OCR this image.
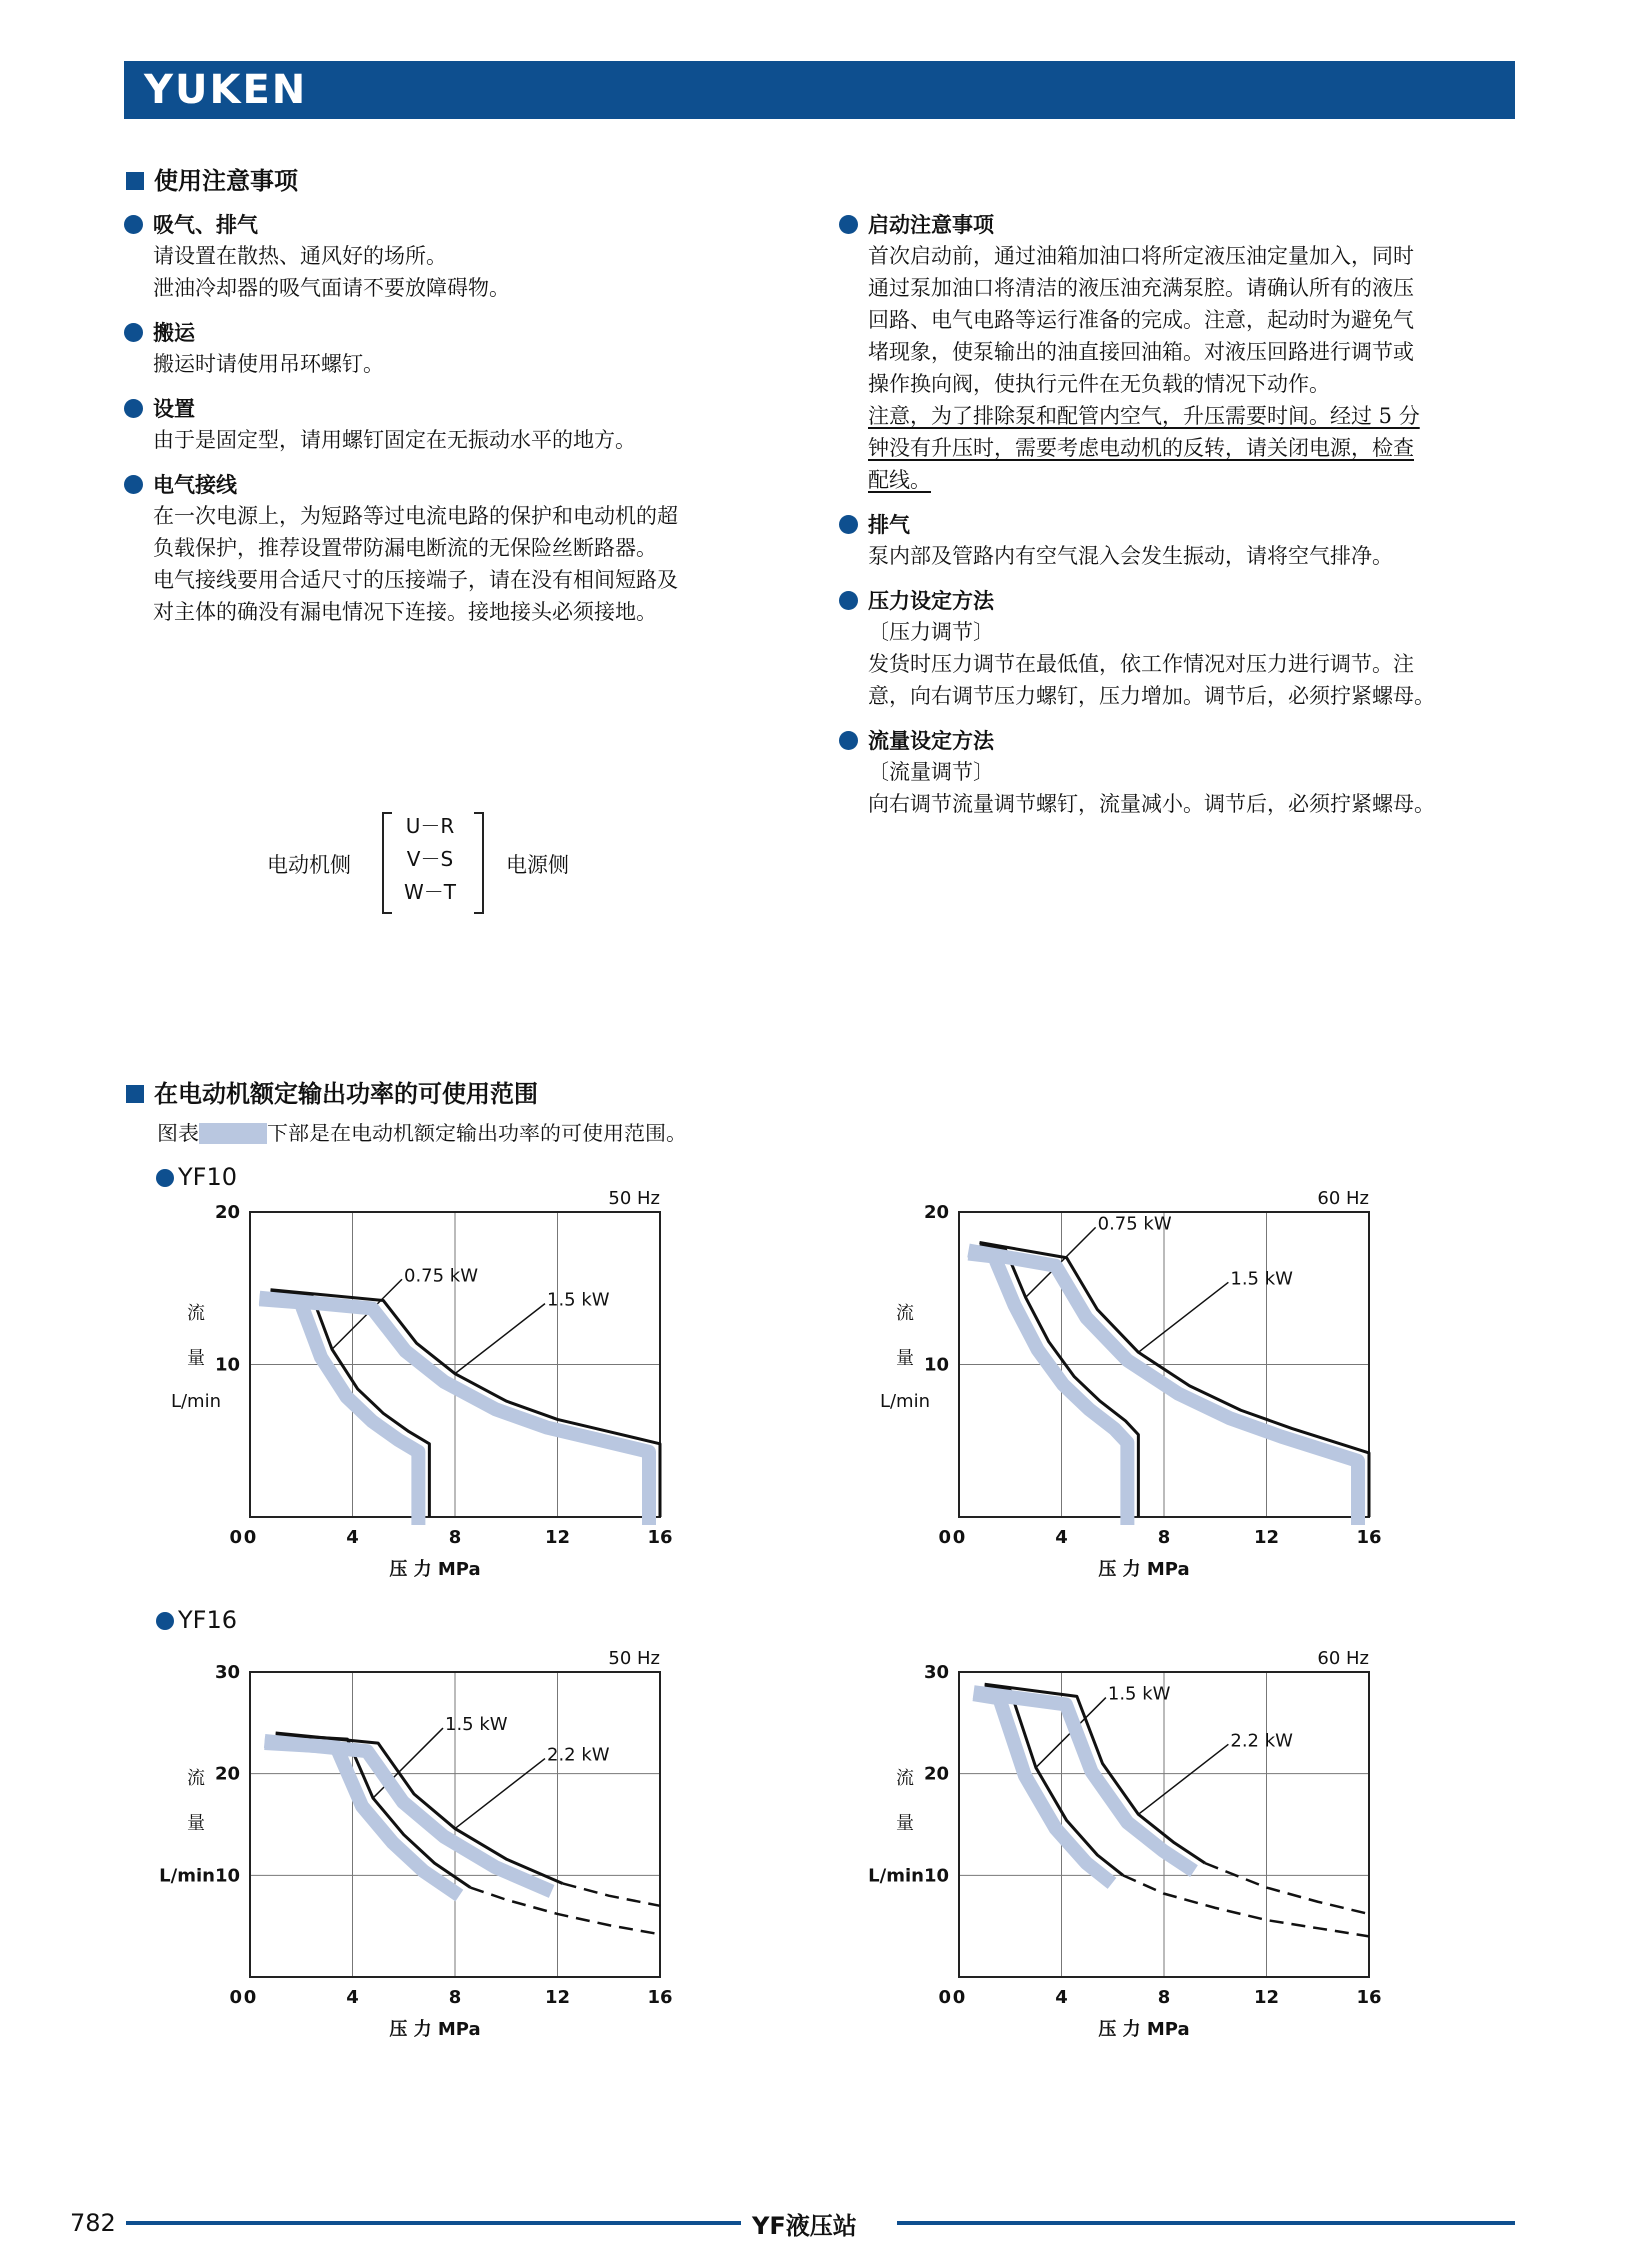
YUKEN
使用注意事项
吸气、排气

请设置在散热、通风好的场所。

泄油冷却器的吸气面请不要放障碍物。

搬运

搬运时请使用吊环螺钉。

设置

由于是固定型，请用螺钉固定在无振动水平的地方。

电气接线

在一次电源上，为短路等过电流电路的保护和电动机的超

负载保护，推荐设置带防漏电断流的无保险丝断路器。

电气接线要用合适尺寸的压接端子，请在没有相间短路及

对主体的确没有漏电情况下连接。接地接头必须接地。

电动机侧
U－R
V－S
W－T
电源侧
启动注意事项

首次启动前，通过油箱加油口将所定液压油定量加入，同时

通过泵加油口将清洁的液压油充满泵腔。请确认所有的液压

回路、电气电路等运行准备的完成。注意，起动时为避免气

堵现象，使泵输出的油直接回油箱。对液压回路进行调节或

操作换向阀，使执行元件在无负载的情况下动作。

注意，为了排除泵和配管内空气，升压需要时间。经过 5 分

钟没有升压时，需要考虑电动机的反转，请关闭电源，检查

配线。

排气

泵内部及管路内有空气混入会发生振动，请将空气排净。

压力设定方法

〔压力调节〕

发货时压力调节在最低值，依工作情况对压力进行调节。注

意，向右调节压力螺钉，压力增加。调节后，必须拧紧螺母。

流量设定方法

〔流量调节〕

向右调节流量调节螺钉，流量减小。调节后，必须拧紧螺母。

在电动机额定输出功率的可使用范围
图表	下部是在电动机额定输出功率的可使用范围。
YF10
YF16
50 Hz
0	4	8	12	16
0
10
20
压 力 MPa
流
量
L/min
0.75 kW
1.5 kW
60 Hz
0	4	8	12	16
0
10
20
压 力 MPa
流
量
L/min
0.75 kW
1.5 kW
50 Hz
0	4	8	12	16
0
L/min10
20
30
压 力 MPa
流
量
1.5 kW
2.2 kW
60 Hz
0	4	8	12	16
0
L/min10
20
30
压 力 MPa
流
量
1.5 kW
2.2 kW
782	YF液压站
